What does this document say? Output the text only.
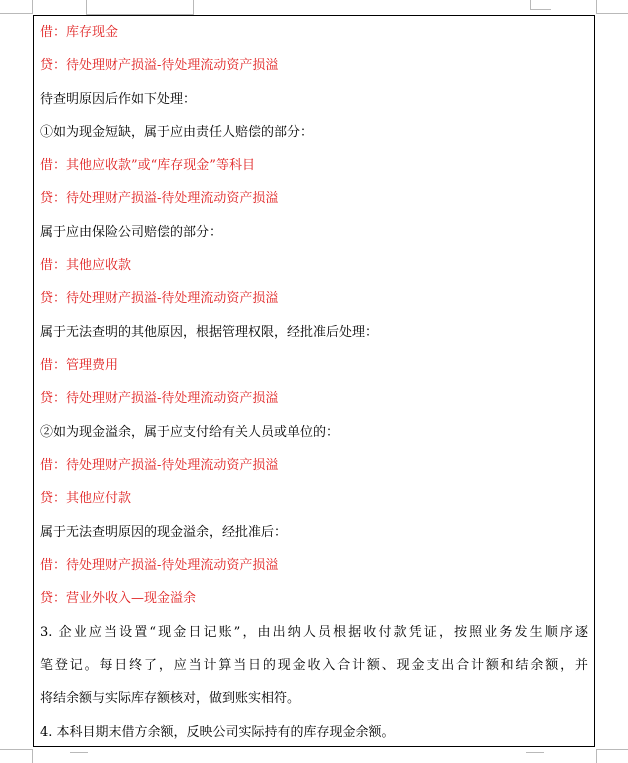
借：库存现金
贷：待处理财产损溢-待处理流动资产损溢
待查明原因后作如下处理：
①如为现金短缺，属于应由责任人赔偿的部分：
借：其他应收款”或“库存现金”等科目
贷：待处理财产损溢-待处理流动资产损溢
属于应由保险公司赔偿的部分：
借：其他应收款
贷：待处理财产损溢-待处理流动资产损溢
属于无法查明的其他原因，根据管理权限，经批准后处理：
借：管理费用
贷：待处理财产损溢-待处理流动资产损溢
②如为现金溢余，属于应支付给有关人员或单位的：
借：待处理财产损溢-待处理流动资产损溢
贷：其他应付款
属于无法查明原因的现金溢余，经批准后：
借：待处理财产损溢-待处理流动资产损溢
贷：营业外收入—现金溢余
3. 企业应当设置“现金日记账”，由出纳人员根据收付款凭证，按照业务发生顺序逐
笔登记。每日终了，应当计算当日的现金收入合计额、现金支出合计额和结余额，并
将结余额与实际库存额核对，做到账实相符。
4. 本科目期末借方余额，反映公司实际持有的库存现金余额。
